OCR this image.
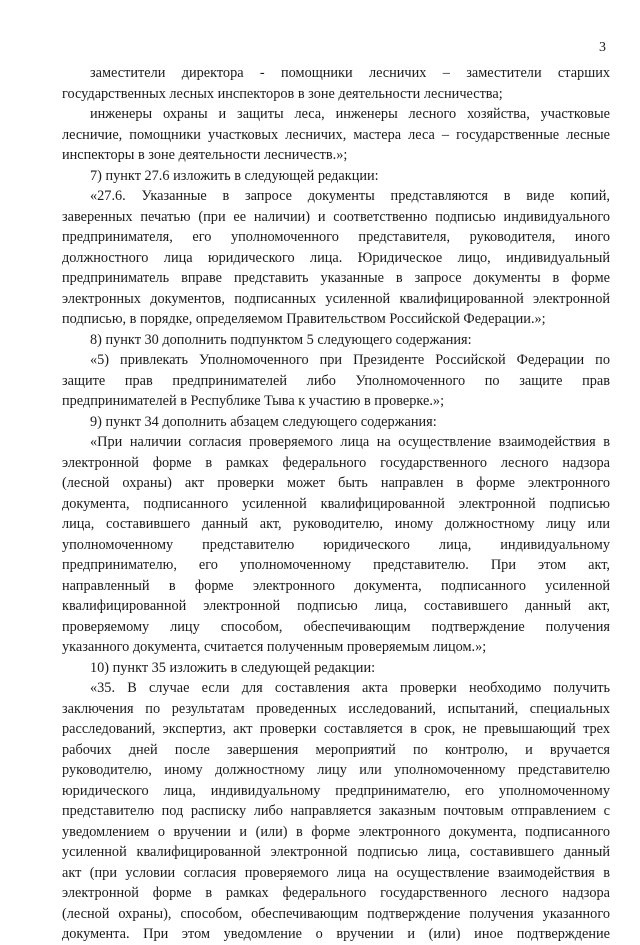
3
заместители директора - помощники лесничих – заместители старших
государственных лесных инспекторов в зоне деятельности лесничества;
инженеры охраны и защиты леса, инженеры лесного хозяйства, участковые
лесничие, помощники участковых лесничих, мастера леса – государственные лесные
инспекторы в зоне деятельности лесничеств.»;
7) пункт 27.6 изложить в следующей редакции:
«27.6. Указанные в запросе документы представляются в виде копий,
заверенных печатью (при ее наличии) и соответственно подписью индивидуального
предпринимателя, его уполномоченного представителя, руководителя, иного
должностного лица юридического лица. Юридическое лицо, индивидуальный
предприниматель вправе представить указанные в запросе документы в форме
электронных документов, подписанных усиленной квалифицированной электронной
подписью, в порядке, определяемом Правительством Российской Федерации.»;
8) пункт 30 дополнить подпунктом 5 следующего содержания:
«5) привлекать Уполномоченного при Президенте Российской Федерации по
защите прав предпринимателей либо Уполномоченного по защите прав
предпринимателей в Республике Тыва к участию в проверке.»;
9) пункт 34 дополнить абзацем следующего содержания:
«При наличии согласия проверяемого лица на осуществление взаимодействия в
электронной форме в рамках федерального государственного лесного надзора
(лесной охраны) акт проверки может быть направлен в форме электронного
документа, подписанного усиленной квалифицированной электронной подписью
лица, составившего данный акт, руководителю, иному должностному лицу или
уполномоченному представителю юридического лица, индивидуальному
предпринимателю, его уполномоченному представителю. При этом акт,
направленный в форме электронного документа, подписанного усиленной
квалифицированной электронной подписью лица, составившего данный акт,
проверяемому лицу способом, обеспечивающим подтверждение получения
указанного документа, считается полученным проверяемым лицом.»;
10) пункт 35 изложить в следующей редакции:
«35. В случае если для составления акта проверки необходимо получить
заключения по результатам проведенных исследований, испытаний, специальных
расследований, экспертиз, акт проверки составляется в срок, не превышающий трех
рабочих дней после завершения мероприятий по контролю, и вручается
руководителю, иному должностному лицу или уполномоченному представителю
юридического лица, индивидуальному предпринимателю, его уполномоченному
представителю под расписку либо направляется заказным почтовым отправлением с
уведомлением о вручении и (или) в форме электронного документа, подписанного
усиленной квалифицированной электронной подписью лица, составившего данный
акт (при условии согласия проверяемого лица на осуществление взаимодействия в
электронной форме в рамках федерального государственного лесного надзора
(лесной охраны), способом, обеспечивающим подтверждение получения указанного
документа. При этом уведомление о вручении и (или) иное подтверждение
